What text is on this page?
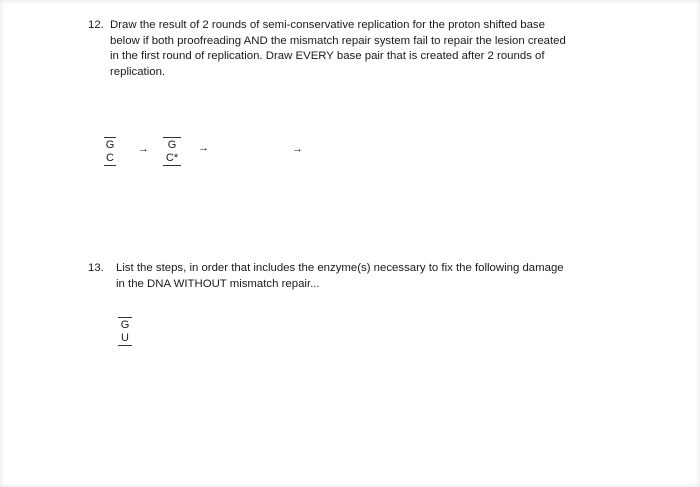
12. Draw the result of 2 rounds of semi-conservative replication for the proton shifted base
below if both proofreading AND the mismatch repair system fail to repair the lesion created
in the first round of replication. Draw EVERY base pair that is created after 2 rounds of
replication.
G
C
→	G
C*
→	→
13. List the steps, in order that includes the enzyme(s) necessary to fix the following damage
in the DNA WITHOUT mismatch repair...
G
U
